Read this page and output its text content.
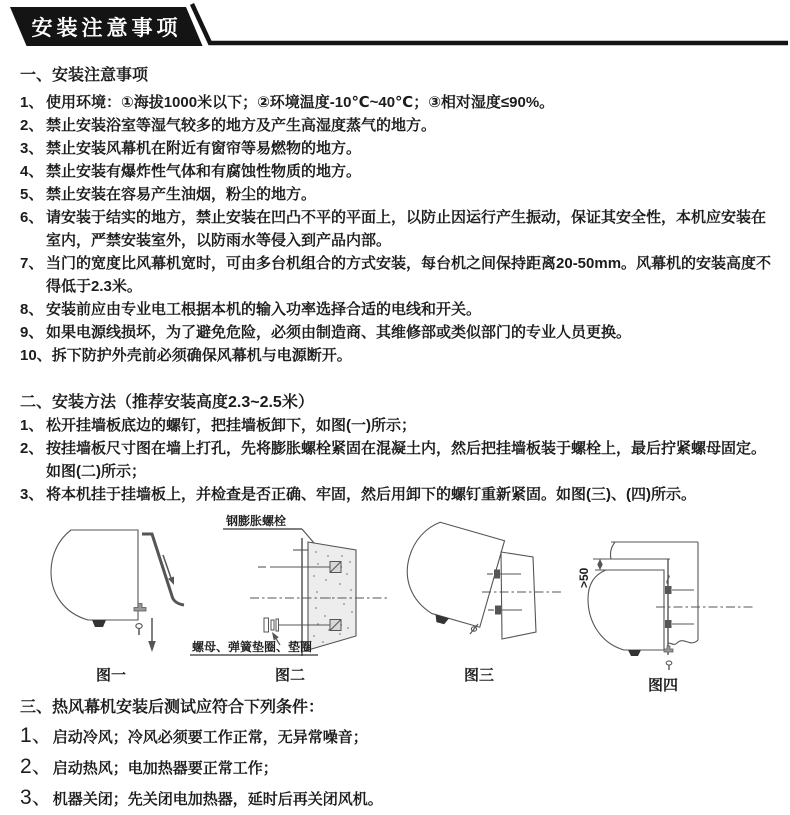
安装注意事项
一、安装注意事项
1、 使用环境：①海拔1000米以下；②环境温度-10℃~40℃；③相对湿度≤90%。
2、 禁止安装浴室等湿气较多的地方及产生高湿度蒸气的地方。
3、 禁止安装风幕机在附近有窗帘等易燃物的地方。
4、 禁止安装有爆炸性气体和有腐蚀性物质的地方。
5、 禁止安装在容易产生油烟，粉尘的地方。
6、 请安装于结实的地方，禁止安装在凹凸不平的平面上，以防止因运行产生振动，保证其安全性，本机应安装在室内，严禁安装室外，以防雨水等侵入到产品内部。
7、 当门的宽度比风幕机宽时，可由多台机组合的方式安装，每台机之间保持距离20-50mm。风幕机的安装高度不得低于2.3米。
8、 安装前应由专业电工根据本机的输入功率选择合适的电线和开关。
9、 如果电源线损坏，为了避免危险，必须由制造商、其维修部或类似部门的专业人员更换。
10、 拆下防护外壳前必须确保风幕机与电源断开。
二、安装方法（推荐安装高度2.3~2.5米）
1、 松开挂墙板底边的螺钉，把挂墙板卸下，如图(一)所示；
2、 按挂墙板尺寸图在墙上打孔，先将膨胀螺栓紧固在混凝土内，然后把挂墙板装于螺栓上，最后拧紧螺母固定。如图(二)所示；
3、 将本机挂于挂墙板上，并检查是否正确、牢固，然后用卸下的螺钉重新紧固。如图(三)、(四)所示。
图一
钢膨胀螺栓
螺母、弹簧垫圈、垫圈
图二	图三
>50
图四
三、热风幕机安装后测试应符合下列条件：
1、 启动冷风；冷风必须要工作正常，无异常噪音；
2、 启动热风；电加热器要正常工作；
3、 机器关闭；先关闭电加热器，延时后再关闭风机。
